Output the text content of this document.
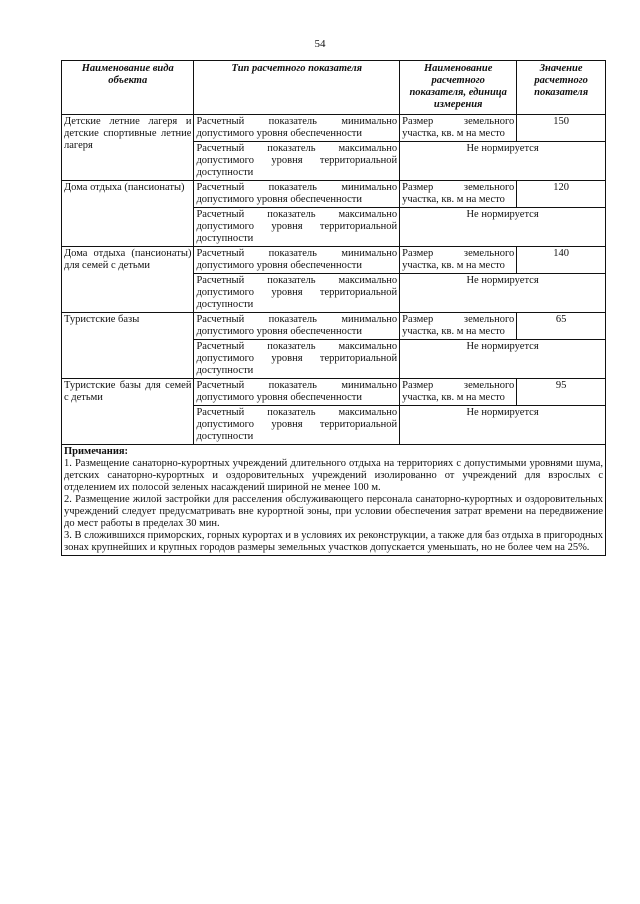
54
Наименование вида объекта	Тип расчетного показателя	Наименование расчетного показателя, единица измерения	Значение расчетного показателя
Детские летние лагеря и детские спортивные летние лагеря	Расчетный показатель минимально допустимого уровня обеспеченности	Размер земельного участка, кв. м на место	150
	Расчетный показатель максимально допустимого уровня территориальной доступности	Не нормируется	
Дома отдыха (пансионаты)	Расчетный показатель минимально допустимого уровня обеспеченности	Размер земельного участка, кв. м на место	120
	Расчетный показатель максимально допустимого уровня территориальной доступности	Не нормируется	
Дома отдыха (пансионаты) для семей с детьми	Расчетный показатель минимально допустимого уровня обеспеченности	Размер земельного участка, кв. м на место	140
	Расчетный показатель максимально допустимого уровня территориальной доступности	Не нормируется	
Туристские базы	Расчетный показатель минимально допустимого уровня обеспеченности	Размер земельного участка, кв. м на место	65
	Расчетный показатель максимально допустимого уровня территориальной доступности	Не нормируется	
Туристские базы для семей с детьми	Расчетный показатель минимально допустимого уровня обеспеченности	Размер земельного участка, кв. м на место	95
	Расчетный показатель максимально допустимого уровня территориальной доступности	Не нормируется	

Примечания:
1. Размещение санаторно-курортных учреждений длительного отдыха на территориях с допустимыми уровнями шума, детских санаторно-курортных и оздоровительных учреждений изолированно от учреждений для взрослых с отделением их полосой зеленых насаждений шириной не менее 100 м.
2. Размещение жилой застройки для расселения обслуживающего персонала санаторно-курортных и оздоровительных учреждений следует предусматривать вне курортной зоны, при условии обеспечения затрат времени на передвижение до мест работы в пределах 30 мин.
3. В сложившихся приморских, горных курортах и в условиях их реконструкции, а также для баз отдыха в пригородных зонах крупнейших и крупных городов размеры земельных участков допускается уменьшать, но не более чем на 25%.			
